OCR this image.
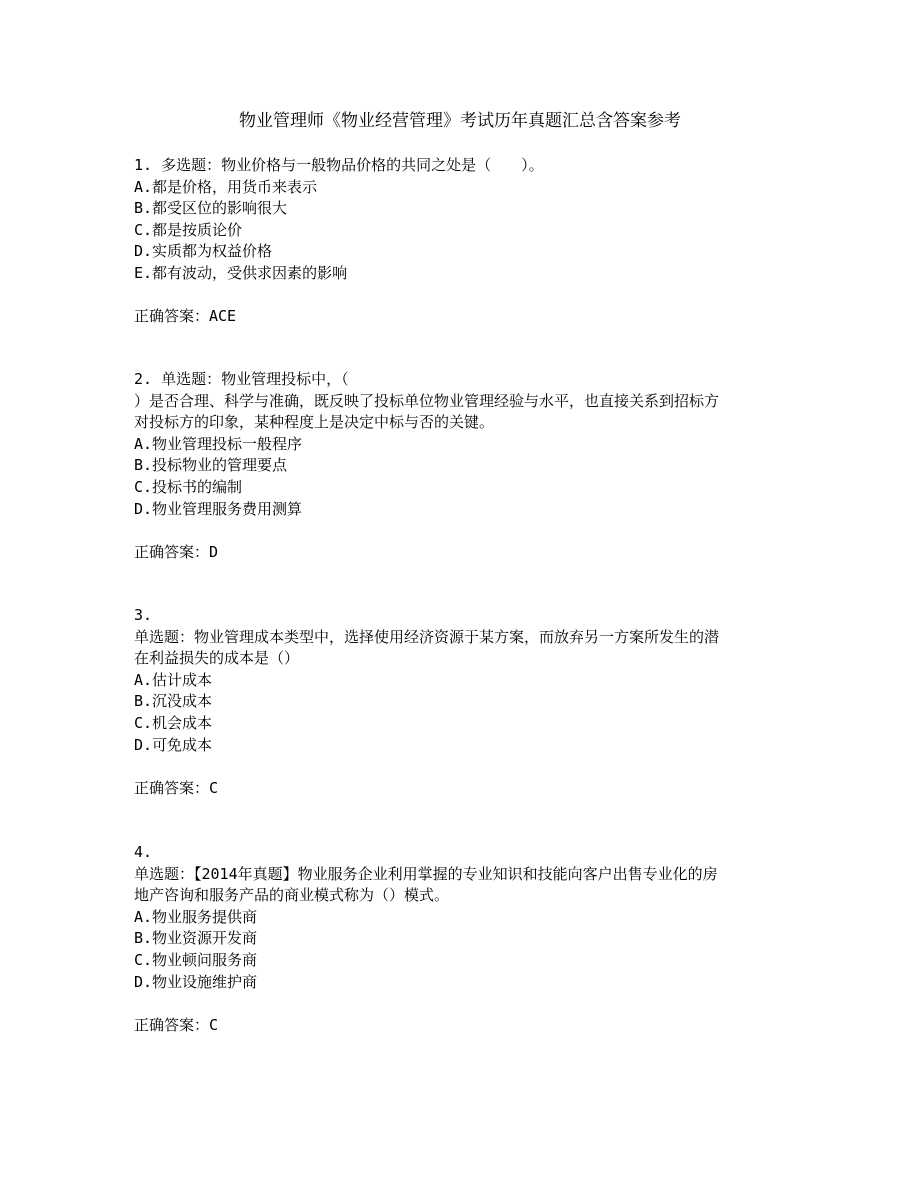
物业管理师《物业经营管理》考试历年真题汇总含答案参考
1. 多选题：物业价格与一般物品价格的共同之处是（　　）。
A.都是价格，用货币来表示
B.都受区位的影响很大
C.都是按质论价
D.实质都为权益价格
E.都有波动，受供求因素的影响
正确答案：ACE
2. 单选题：物业管理投标中，（
）是否合理、科学与准确，既反映了投标单位物业管理经验与水平，也直接关系到招标方
对投标方的印象，某种程度上是决定中标与否的关键。
A.物业管理投标一般程序
B.投标物业的管理要点
C.投标书的编制
D.物业管理服务费用测算
正确答案：D
3.
单选题：物业管理成本类型中，选择使用经济资源于某方案，而放弃另一方案所发生的潜
在利益损失的成本是（）
A.估计成本
B.沉没成本
C.机会成本
D.可免成本
正确答案：C
4.
单选题：【2014年真题】物业服务企业利用掌握的专业知识和技能向客户出售专业化的房
地产咨询和服务产品的商业模式称为（）模式。
A.物业服务提供商
B.物业资源开发商
C.物业顿问服务商
D.物业设施维护商
正确答案：C
